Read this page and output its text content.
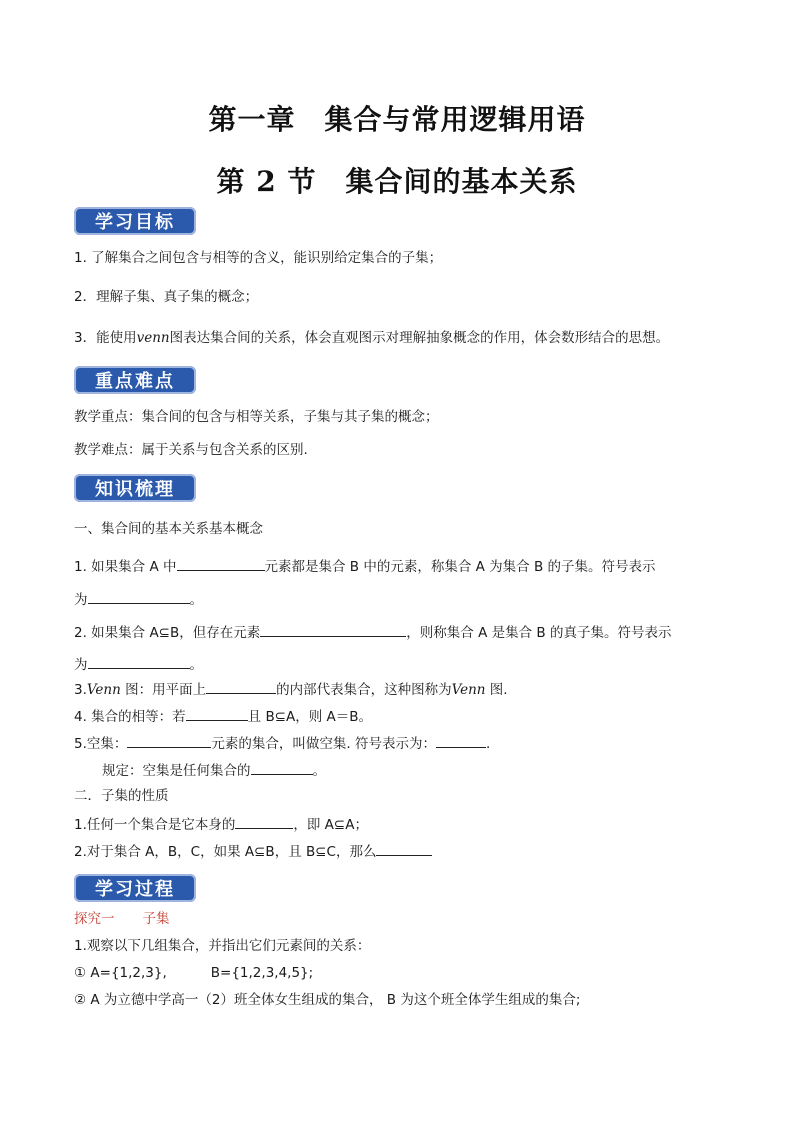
第一章　集合与常用逻辑用语
第 2 节　集合间的基本关系
学习目标
1. 了解集合之间包含与相等的含义，能识别给定集合的子集；
2．理解子集、真子集的概念；
3．能使用venn图表达集合间的关系，体会直观图示对理解抽象概念的作用，体会数形结合的思想。
重点难点
教学重点：集合间的包含与相等关系，子集与其子集的概念；
教学难点：属于关系与包含关系的区别.
知识梳理
一、集合间的基本关系基本概念
1. 如果集合 A 中	元素都是集合 B 中的元素，称集合 A 为集合 B 的子集。符号表示
为	。
2. 如果集合 A⊆B，但存在元素	，则称集合 A 是集合 B 的真子集。符号表示
为	。
3.Venn 图：用平面上	的内部代表集合，这种图称为Venn 图.
4. 集合的相等：若	且 B⊆A，则 A＝B。
5.空集：	元素的集合，叫做空集. 符号表示为：	.
规定：空集是任何集合的	。
二．子集的性质
1.任何一个集合是它本身的	，即 A⊆A；
2.对于集合 A，B，C，如果 A⊆B，且 B⊆C，那么
学习过程
探究一 子集
1.观察以下几组集合，并指出它们元素间的关系：
① A={1,2,3},	B={1,2,3,4,5};
② A 为立德中学高一（2）班全体女生组成的集合， B 为这个班全体学生组成的集合;
